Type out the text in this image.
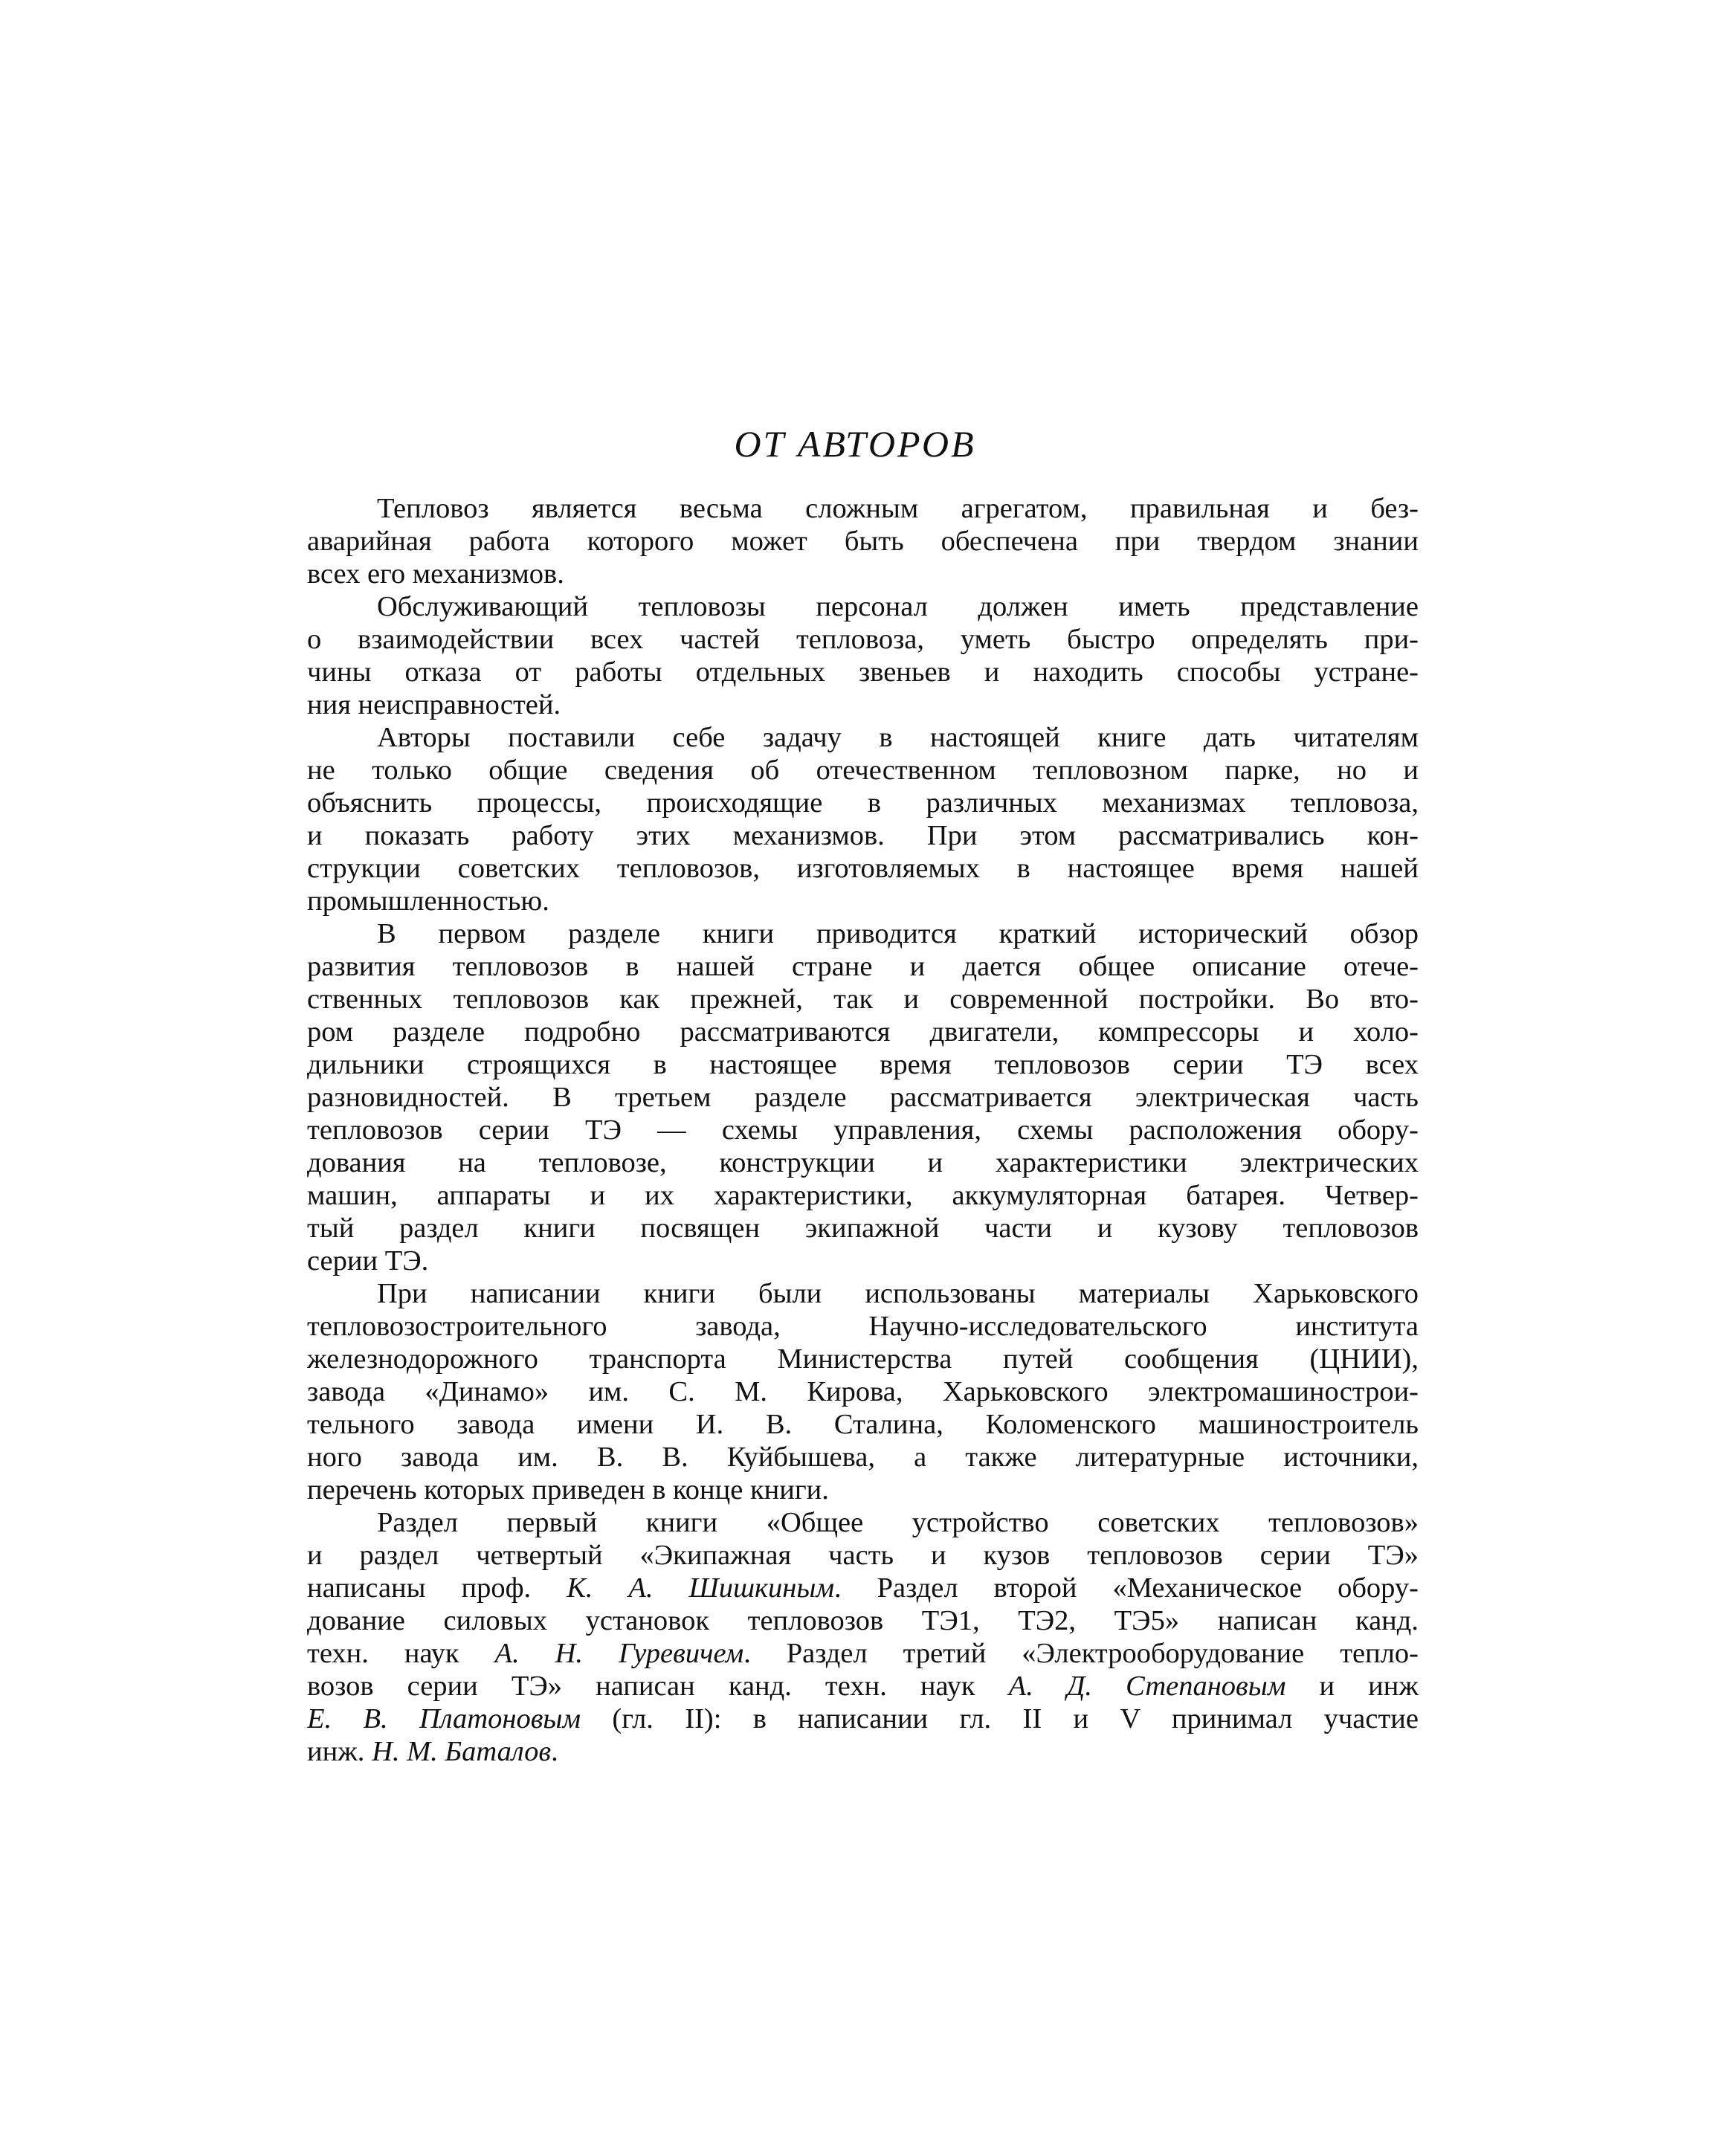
ОТ АВТОРОВ
Тепловоз является весьма сложным агрегатом, правильная и без-
аварийная работа которого может быть обеспечена при твердом знании
всех его механизмов.
Обслуживающий тепловозы персонал должен иметь представление
о взаимодействии всех частей тепловоза, уметь быстро определять при-
чины отказа от работы отдельных звеньев и находить способы устране-
ния неисправностей.
Авторы поставили себе задачу в настоящей книге дать читателям
не только общие сведения об отечественном тепловозном парке, но и
объяснить процессы, происходящие в различных механизмах тепловоза,
и показать работу этих механизмов. При этом рассматривались кон-
струкции советских тепловозов, изготовляемых в настоящее время нашей
промышленностью.
В первом разделе книги приводится краткий исторический обзор
развития тепловозов в нашей стране и дается общее описание отече-
ственных тепловозов как прежней, так и современной постройки. Во вто-
ром разделе подробно рассматриваются двигатели, компрессоры и холо-
дильники строящихся в настоящее время тепловозов серии ТЭ всех
разновидностей. В третьем разделе рассматривается электрическая часть
тепловозов серии ТЭ — схемы управления, схемы расположения обору-
дования на тепловозе, конструкции и характеристики электрических
машин, аппараты и их характеристики, аккумуляторная батарея. Четвер-
тый раздел книги посвящен экипажной части и кузову тепловозов
серии ТЭ.
При написании книги были использованы материалы Харьковского
тепловозостроительного завода, Научно-исследовательского института
железнодорожного транспорта Министерства путей сообщения (ЦНИИ),
завода «Динамо» им. С. М. Кирова, Харьковского электромашинострои-
тельного завода имени И. В. Сталина, Коломенского машиностроитель
ного завода им. В. В. Куйбышева, а также литературные источники,
перечень которых приведен в конце книги.
Раздел первый книги «Общее устройство советских тепловозов»
и раздел четвертый «Экипажная часть и кузов тепловозов серии ТЭ»
написаны проф. К. А. Шишкиным. Раздел второй «Механическое обору-
дование силовых установок тепловозов ТЭ1, ТЭ2, ТЭ5» написан канд.
техн. наук А. Н. Гуревичем. Раздел третий «Электрооборудование тепло-
возов серии ТЭ» написан канд. техн. наук А. Д. Степановым и инж
Е. В. Платоновым (гл. II): в написании гл. II и V принимал участие
инж. Н. М. Баталов.
